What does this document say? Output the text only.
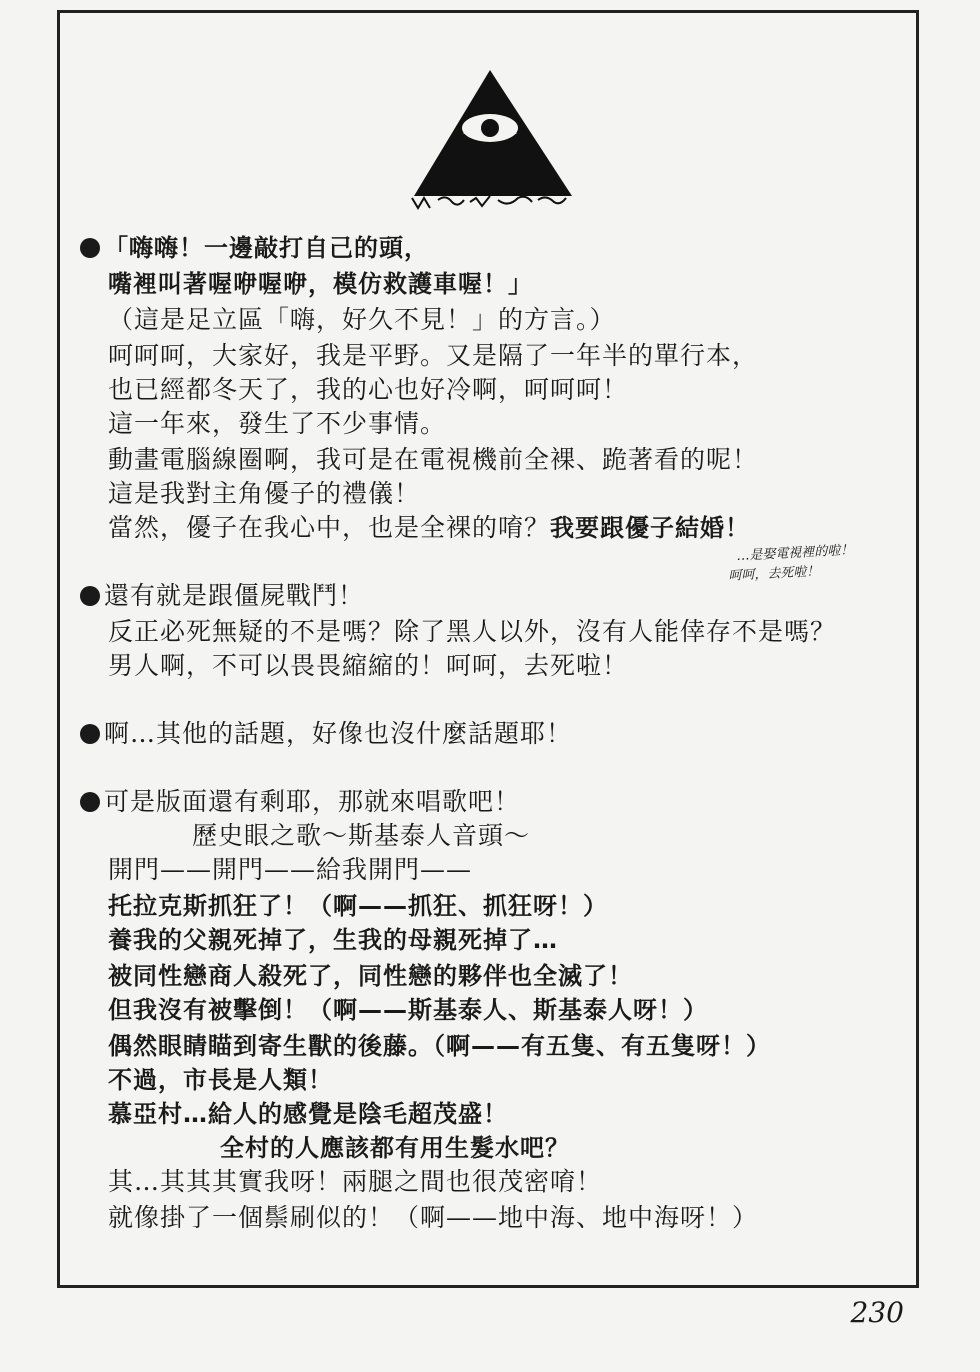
「嗨嗨！一邊敲打自己的頭，
嘴裡叫著喔咿喔咿，模仿救護車喔！」
（這是足立區「嗨，好久不見！」的方言。）
呵呵呵，大家好，我是平野。又是隔了一年半的單行本，
也已經都冬天了，我的心也好冷啊，呵呵呵！
這一年來，發生了不少事情。
動畫電腦線圈啊，我可是在電視機前全裸、跪著看的呢！
這是我對主角優子的禮儀！
當然，優子在我心中，也是全裸的唷？我要跟優子結婚！
…是娶電視裡的啦！
呵呵，去死啦！
還有就是跟僵屍戰鬥！
反正必死無疑的不是嗎？除了黑人以外，沒有人能倖存不是嗎？
男人啊，不可以畏畏縮縮的！呵呵，去死啦！
啊…其他的話題，好像也沒什麼話題耶！
可是版面還有剩耶，那就來唱歌吧！
歷史眼之歌～斯基泰人音頭～
開門——開門——給我開門——
托拉克斯抓狂了！（啊——抓狂、抓狂呀！）
養我的父親死掉了，生我的母親死掉了…
被同性戀商人殺死了，同性戀的夥伴也全滅了！
但我沒有被擊倒！（啊——斯基泰人、斯基泰人呀！）
偶然眼睛瞄到寄生獸的後藤。（啊——有五隻、有五隻呀！）
不過，市長是人類！
慕亞村…給人的感覺是陰毛超茂盛！
全村的人應該都有用生髮水吧？
其…其其其實我呀！兩腿之間也很茂密唷！
就像掛了一個鬃刷似的！（啊——地中海、地中海呀！）
230
